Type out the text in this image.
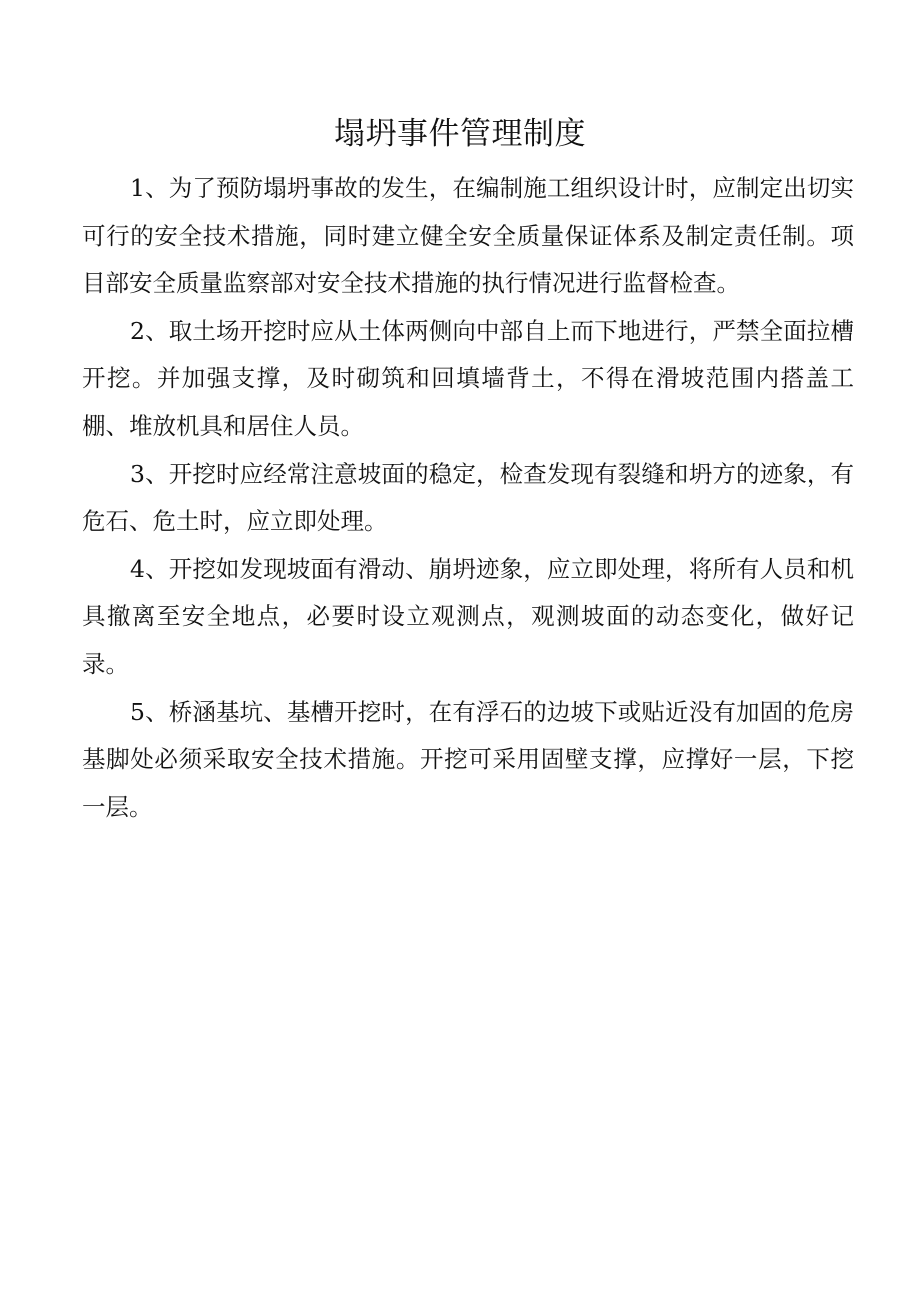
塌坍事件管理制度

1、为了预防塌坍事故的发生，在编制施工组织设计时，应制定出切实可行的安全技术措施，同时建立健全安全质量保证体系及制定责任制。项目部安全质量监察部对安全技术措施的执行情况进行监督检查。

2、取土场开挖时应从土体两侧向中部自上而下地进行，严禁全面拉槽开挖。并加强支撑，及时砌筑和回填墙背土，不得在滑坡范围内搭盖工棚、堆放机具和居住人员。

3、开挖时应经常注意坡面的稳定，检查发现有裂缝和坍方的迹象，有危石、危土时，应立即处理。

4、开挖如发现坡面有滑动、崩坍迹象，应立即处理，将所有人员和机具撤离至安全地点，必要时设立观测点，观测坡面的动态变化，做好记录。

5、桥涵基坑、基槽开挖时，在有浮石的边坡下或贴近没有加固的危房基脚处必须采取安全技术措施。开挖可采用固壁支撑，应撑好一层，下挖一层。
